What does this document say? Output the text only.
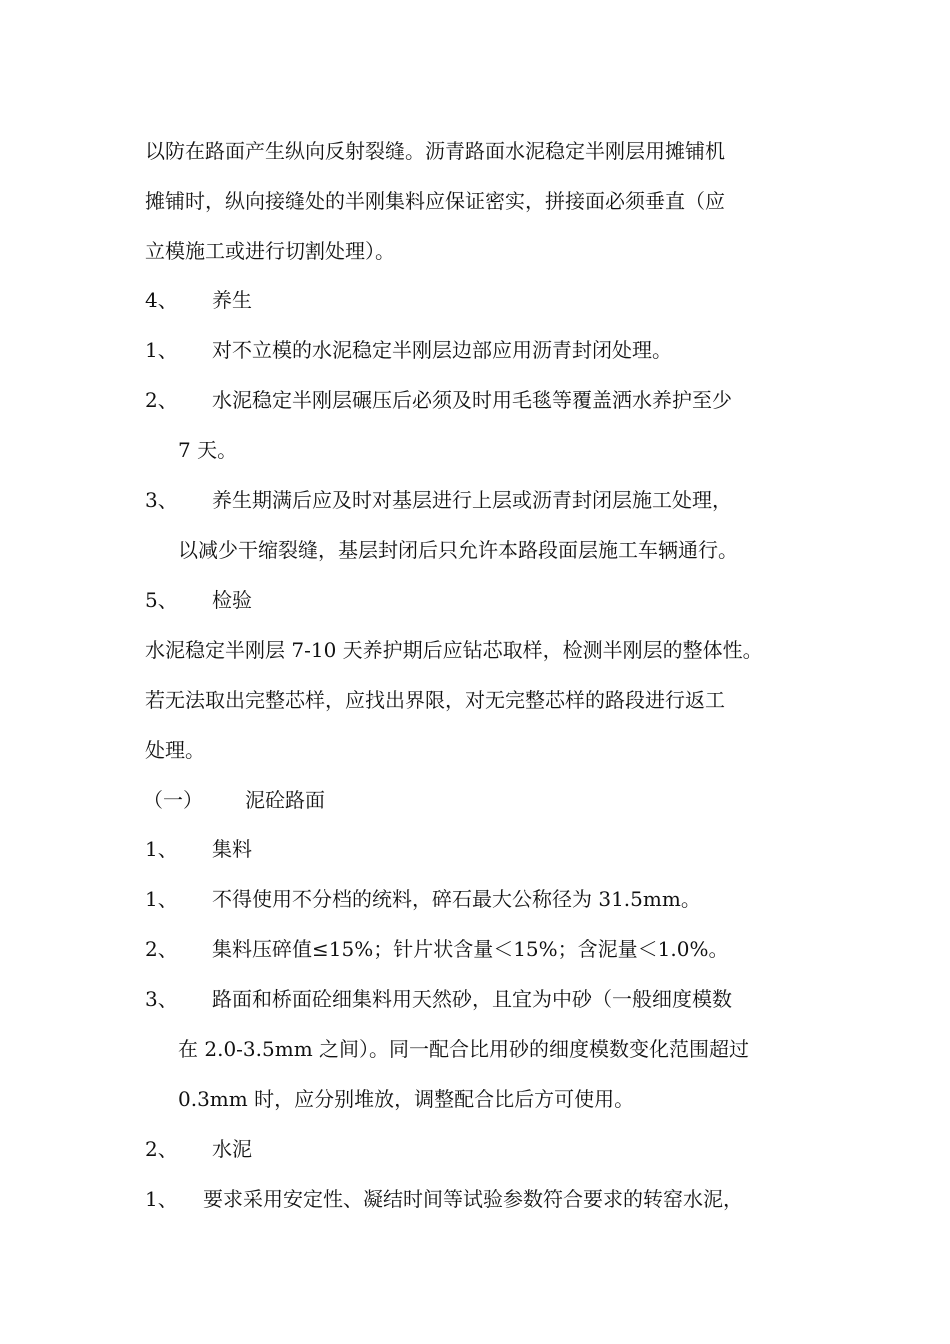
以防在路面产生纵向反射裂缝。沥青路面水泥稳定半刚层用摊铺机
摊铺时，纵向接缝处的半刚集料应保证密实，拼接面必须垂直（应
立模施工或进行切割处理）。
4、 养生
1、 对不立模的水泥稳定半刚层边部应用沥青封闭处理。
2、 水泥稳定半刚层碾压后必须及时用毛毯等覆盖洒水养护至少
7 天。
3、 养生期满后应及时对基层进行上层或沥青封闭层施工处理，
以减少干缩裂缝，基层封闭后只允许本路段面层施工车辆通行。
5、 检验
水泥稳定半刚层 7-10 天养护期后应钻芯取样，检测半刚层的整体性。
若无法取出完整芯样，应找出界限，对无完整芯样的路段进行返工
处理。
（一） 泥砼路面
1、 集料
1、 不得使用不分档的统料，碎石最大公称径为 31.5mm。
2、 集料压碎值≤15%；针片状含量＜15%；含泥量＜1.0%。
3、 路面和桥面砼细集料用天然砂，且宜为中砂（一般细度模数
在 2.0-3.5mm 之间）。同一配合比用砂的细度模数变化范围超过
0.3mm 时，应分别堆放，调整配合比后方可使用。
2、 水泥
1、 要求采用安定性、凝结时间等试验参数符合要求的转窑水泥，
